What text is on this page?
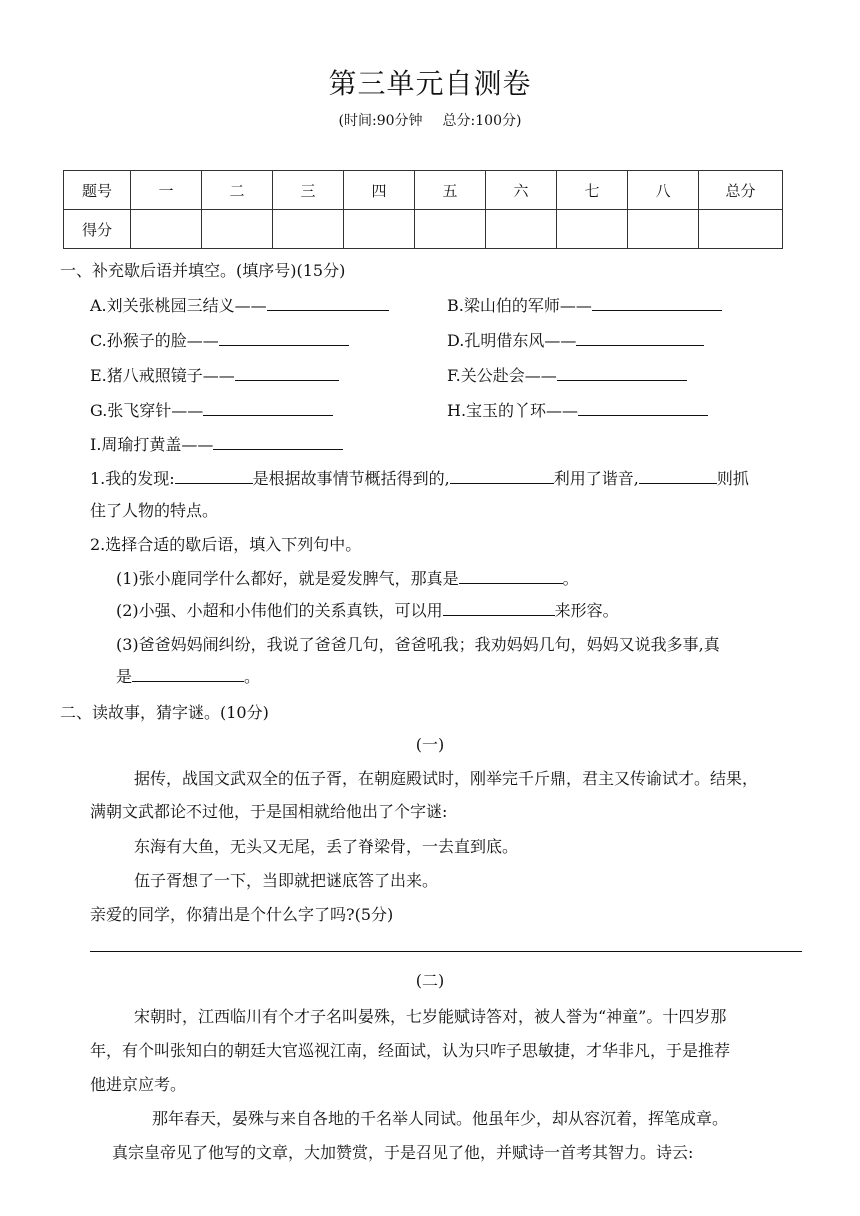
第三单元自测卷
(时间:90分钟 总分:100分)
题号	一	二	三	四	五	六	七	八	总分
得分									
一、补充歇后语并填空。(填序号)(15分)
A.刘关张桃园三结义——	B.梁山伯的军师——
C.孙猴子的脸——	D.孔明借东风——
E.猪八戒照镜子——	F.关公赴会——
G.张飞穿针——	H.宝玉的丫环——
I.周瑜打黄盖——
1.我的发现:	是根据故事情节概括得到的,	利用了谐音,	则抓
住了人物的特点。
2.选择合适的歇后语，填入下列句中。
(1)张小鹿同学什么都好，就是爱发脾气，那真是	。
(2)小强、小超和小伟他们的关系真铁，可以用	来形容。
(3)爸爸妈妈闹纠纷，我说了爸爸几句，爸爸吼我；我劝妈妈几句，妈妈又说我多事,真
是	。
二、读故事，猜字谜。(10分)
(一)
据传，战国文武双全的伍子胥，在朝庭殿试时，刚举完千斤鼎，君主又传谕试才。结果，
满朝文武都论不过他，于是国相就给他出了个字谜:
东海有大鱼，无头又无尾，丢了脊梁骨，一去直到底。
伍子胥想了一下，当即就把谜底答了出来。
亲爱的同学，你猜出是个什么字了吗?(5分)
(二)
宋朝时，江西临川有个才子名叫晏殊，七岁能赋诗答对，被人誉为“神童”。十四岁那
年，有个叫张知白的朝廷大官巡视江南，经面试，认为只咋子思敏捷，才华非凡，于是推荐
他进京应考。
那年春天，晏殊与来自各地的千名举人同试。他虽年少，却从容沉着，挥笔成章。
真宗皇帝见了他写的文章，大加赞赏，于是召见了他，并赋诗一首考其智力。诗云:
